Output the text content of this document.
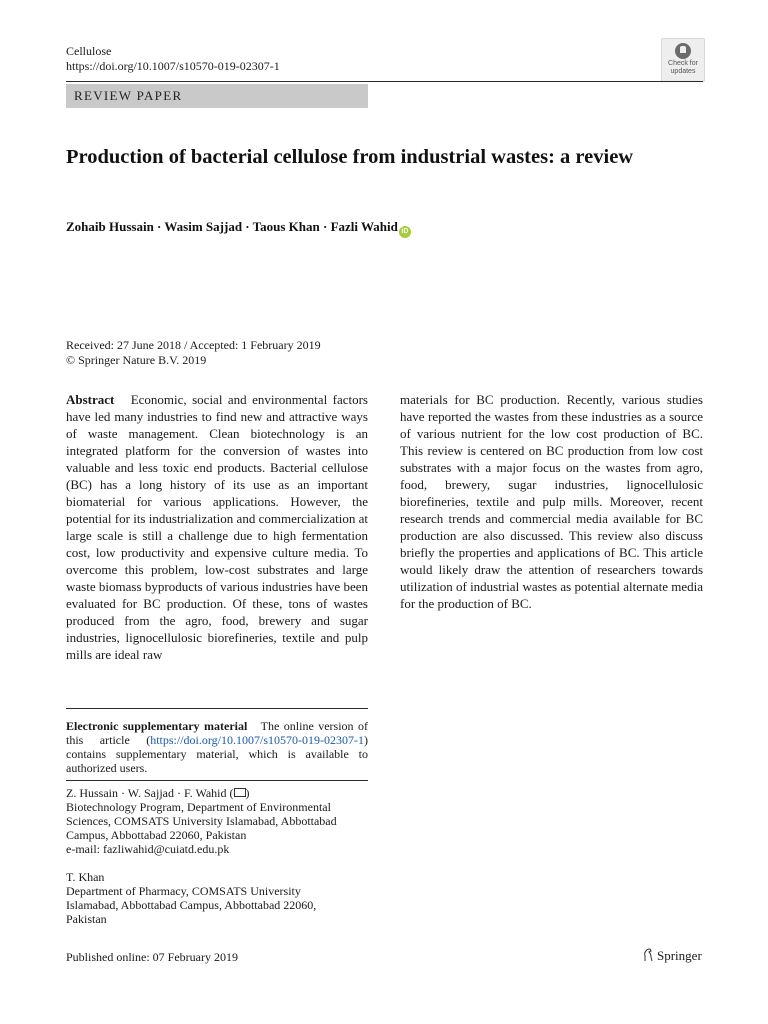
Cellulose
https://doi.org/10.1007/s10570-019-02307-1	Check for
updates
REVIEW PAPER
Production of bacterial cellulose from industrial wastes: a review
Zohaib Hussain · Wasim Sajjad · Taous Khan · Fazli Wahid iD
Received: 27 June 2018 / Accepted: 1 February 2019
© Springer Nature B.V. 2019
Abstract Economic, social and environmental factors have led many industries to find new and attractive ways of waste management. Clean biotechnology is an integrated platform for the conversion of wastes into valuable and less toxic end products. Bacterial cellulose (BC) has a long history of its use as an important biomaterial for various applications. However, the potential for its industrialization and commercialization at large scale is still a challenge due to high fermentation cost, low productivity and expensive culture media. To overcome this problem, low-cost substrates and large waste biomass byproducts of various industries have been evaluated for BC production. Of these, tons of wastes produced from the agro, food, brewery and sugar industries, lignocellulosic biorefineries, textile and pulp mills are ideal raw
materials for BC production. Recently, various studies have reported the wastes from these industries as a source of various nutrient for the low cost production of BC. This review is centered on BC production from low cost substrates with a major focus on the wastes from agro, food, brewery, sugar industries, lignocellulosic biorefineries, textile and pulp mills. Moreover, recent research trends and commercial media available for BC production are also discussed. This review also discuss briefly the properties and applications of BC. This article would likely draw the attention of researchers towards utilization of industrial wastes as potential alternate media for the production of BC.
Electronic supplementary material The online version of this article (https://doi.org/10.1007/s10570-019-02307-1) contains supplementary material, which is available to authorized users.

Z. Hussain · W. Sajjad · F. Wahid ( )

Biotechnology Program, Department of Environmental

Sciences, COMSATS University Islamabad, Abbottabad

Campus, Abbottabad 22060, Pakistan

e-mail: fazliwahid@cuiatd.edu.pk

T. Khan

Department of Pharmacy, COMSATS University

Islamabad, Abbottabad Campus, Abbottabad 22060,

Pakistan

Published online: 07 February 2019	Springer
